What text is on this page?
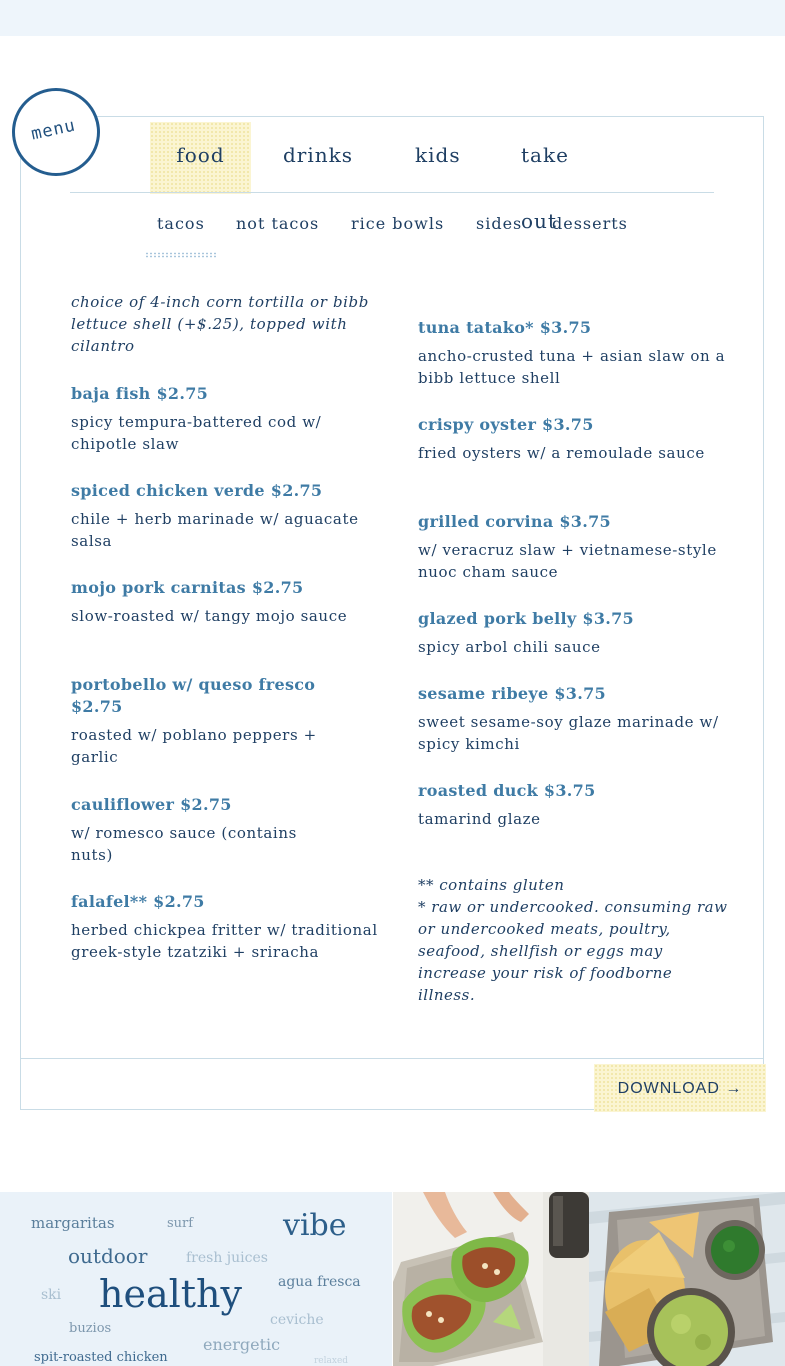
menu
food	drinks	kids	take out
tacos not tacos rice bowls sides desserts
choice of 4-inch corn tortilla or bibb lettuce shell (+$.25), topped with cilantro
baja fish $2.75
spicy tempura-battered cod w/ chipotle slaw
spiced chicken verde $2.75
chile + herb marinade w/ aguacate salsa
mojo pork carnitas $2.75
slow-roasted w/ tangy mojo sauce
portobello w/ queso fresco $2.75
roasted w/ poblano peppers + garlic
cauliflower $2.75
w/ romesco sauce (contains nuts)
falafel** $2.75
herbed chickpea fritter w/ traditional greek-style tzatziki + sriracha
tuna tatako* $3.75
ancho-crusted tuna + asian slaw on a bibb lettuce shell
crispy oyster $3.75
fried oysters w/ a remoulade sauce
grilled corvina $3.75
w/ veracruz slaw + vietnamese-style nuoc cham sauce
glazed pork belly $3.75
spicy arbol chili sauce
sesame ribeye $3.75
sweet sesame-soy glaze marinade w/ spicy kimchi
roasted duck $3.75
tamarind glaze
** contains gluten
* raw or undercooked. consuming raw or undercooked meats, poultry, seafood, shellfish or eggs may increase your risk of foodborne illness.
DOWNLOAD →
margaritas	surf	vibe
outdoor	fresh juices
ski healthy	agua fresca
buzios
ceviche
energetic
spit-roasted chicken	relaxed
